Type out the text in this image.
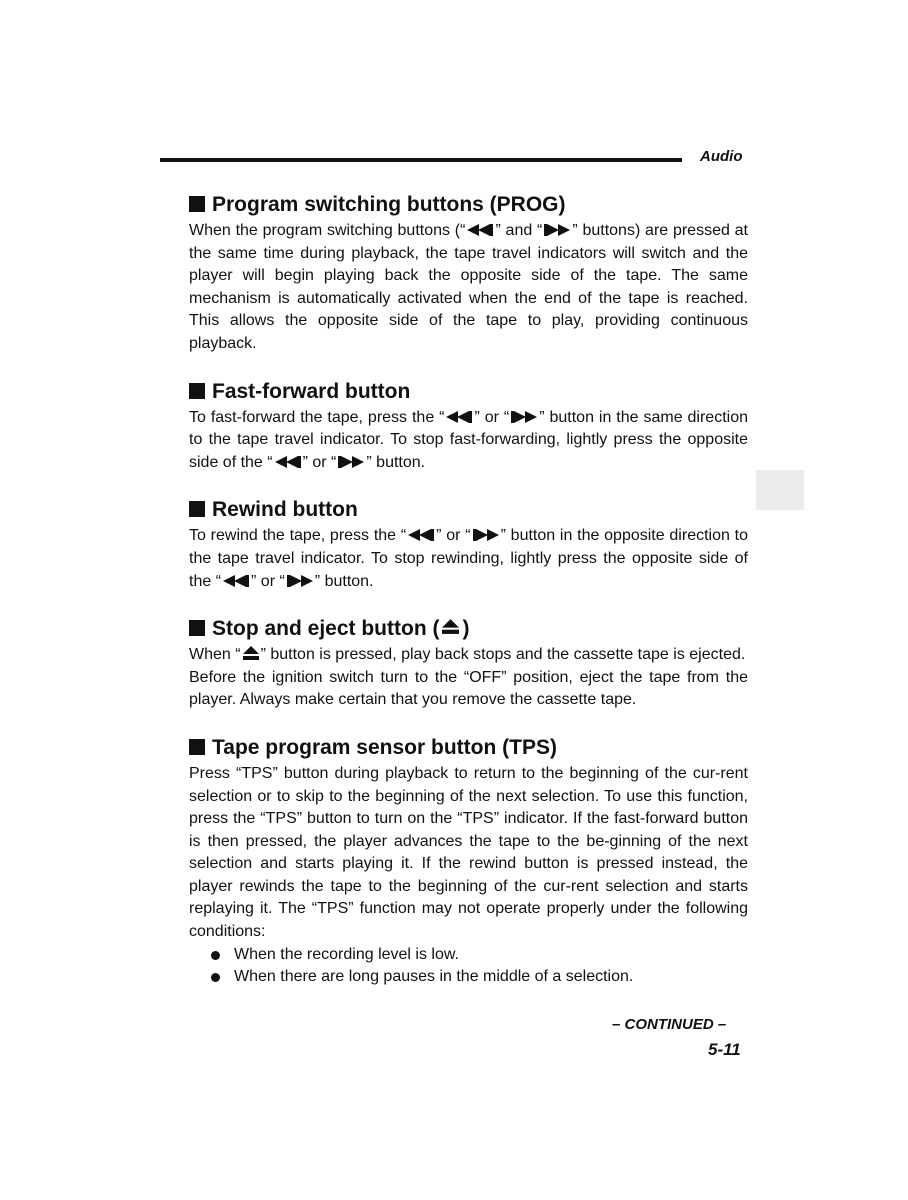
Audio
Program switching buttons (PROG)

When the program switching buttons (“ ” and “ ” buttons) are pressed at the same time during playback, the tape travel indicators will switch and the player will begin playing back the opposite side of the tape. The same mechanism is automatically activated when the end of the tape is reached. This allows the opposite side of the tape to play, providing continuous playback.

Fast-forward button

To fast-forward the tape, press the “ ” or “ ” button in the same direction to the tape travel indicator. To stop fast-forwarding, lightly press the opposite side of the “ ” or “ ” button.

Rewind button

To rewind the tape, press the “ ” or “ ” button in the opposite direction to the tape travel indicator. To stop rewinding, lightly press the opposite side of the “ ” or “ ” button.

Stop and eject button ( )

When “ ” button is pressed, play back stops and the cassette tape is ejected.

Before the ignition switch turn to the “OFF” position, eject the tape from the player. Always make certain that you remove the cassette tape.

Tape program sensor button (TPS)

Press “TPS” button during playback to return to the beginning of the cur-rent selection or to skip to the beginning of the next selection. To use this function, press the “TPS” button to turn on the “TPS” indicator. If the fast-forward button is then pressed, the player advances the tape to the be-ginning of the next selection and starts playing it. If the rewind button is pressed instead, the player rewinds the tape to the beginning of the cur-rent selection and starts replaying it. The “TPS” function may not operate properly under the following conditions:

When the recording level is low.
When there are long pauses in the middle of a selection.
– CONTINUED –
5-11
